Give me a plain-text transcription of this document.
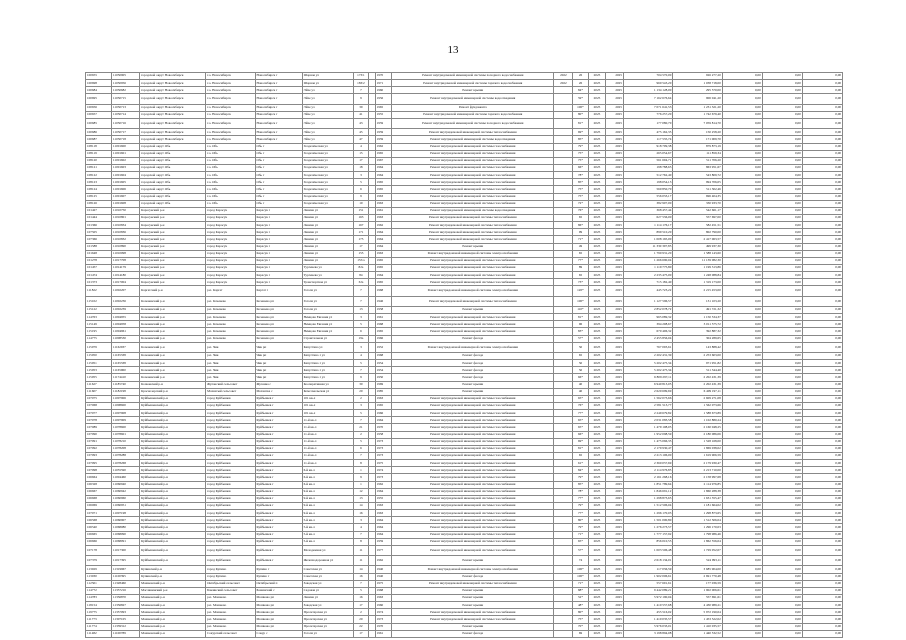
13
100655	11050905	городской округ Новосибирск	г.о. Новосибирск	Новосибирск г	Шорная ул	173/1		1970	Ремонт внутридомовой инженерной системы холодного водоснабжения	2022	26	2025	2025	704 570,00	926 277,20	0,00	0,00	0,00
100698	11050956	городской округ Новосибирск	г.о. Новосибирск	Новосибирск г	Шорная ул	183/2		1971	Ремонт внутридомовой инженерной системы горячего водоснабжения	2022	26	2025	2025	960 543,20	1 038 718,00	0,00	0,00	0,00
100684	11050682	городской округ Новосибирск	г.о. Новосибирск	Новосибирск г	Эйхе ул	7		1960	Ремонт крыши		84*	2025	2025	1 134 128,00	295 570,00	0,00	0,00	0,00
100695	11050715	городской округ Новосибирск	г.о. Новосибирск	Новосибирск г	Эйхе ул	9		1956	Ремонт внутридомовой инженерной системы водоотведения		59*	2025	2025	7 162 676,64	906 041,20	0,00	0,00	0,00
100656	11050713	городской округ Новосибирск	г.о. Новосибирск	Новосибирск г	Эйхе ул	39		1965	Ремонт фундамента		100*	2025	2025	7 071 641,53	1 231 321,20	0,00	0,00	0,00
100657	11050714	городской округ Новосибирск	г.о. Новосибирск	Новосибирск г	Эйхе ул	41		1955	Ремонт внутридомовой инженерной системы горячего водоснабжения		80*	2025	2025	776 257,20	1 742 679,40	0,00	0,00	0,00
100685	11050716	городской округ Новосибирск	г.о. Новосибирск	Новосибирск г	Эйхе ул	43		1959	Ремонт внутридомовой инженерной системы холодного водоснабжения		81*	2025	2025	177 080,70	7 059 814,70	0,00	0,00	0,00
100686	11050717	городской округ Новосибирск	г.о. Новосибирск	Новосибирск г	Эйхе ул	45		1959	Ремонт внутридомовой инженерной системы теплоснабжения		69*	2025	2025	475 162,35	150 258,20	0,00	0,00	0,00
100687	11050718	городской округ Новосибирск	г.о. Новосибирск	Новосибирск г	Эйхе ул	47		1959	Ремонт внутридомовой инженерной системы водоотведения		85*	2025	2025	117 535,74	171 009,70	0,00	0,00	0,00
108118	11001600	городской округ Обь	г.о. Обь	Обь г	Геодезическая ул	4		1962	Ремонт внутридомовой инженерной системы газоснабжения		79*	2025	2025	918 709,38	879 873,19	0,00	0,00	0,00
108119	11001601	городской округ Обь	г.о. Обь	Обь г	Геодезическая ул	15		1965	Ремонт внутридомовой инженерной системы газоснабжения		75*	2025	2025	265 054,67	111 859,34	0,00	0,00	0,00
108120	11001602	городской округ Обь	г.о. Обь	Обь г	Геодезическая ул	17		1967	Ремонт внутридомовой инженерной системы газоснабжения		75*	2025	2025	561 694,71	511 706,20	0,00	0,00	0,00
108121	11001603	городской округ Обь	г.о. Обь	Обь г	Геодезическая ул	18		1964	Ремонт внутридомовой инженерной системы газоснабжения		66*	2025	2025	198 788,65	863 951,67	0,00	0,00	0,00
108122	11001604	городской округ Обь	г.о. Обь	Обь г	Геодезическая ул	3		1964	Ремонт внутридомовой инженерной системы газоснабжения		78*	2025	2025	512 762,40	543 809,72	0,00	0,00	0,00
108123	11001605	городской округ Обь	г.о. Обь	Обь г	Геодезическая ул	5		1965	Ремонт внутридомовой инженерной системы газоснабжения		85*	2025	2025	198 054,13	994 706,05	0,00	0,00	0,00
108124	11001606	городской округ Обь	г.о. Обь	Обь г	Геодезическая ул	6		1965	Ремонт внутридомовой инженерной системы газоснабжения		75*	2025	2025	560 850,70	511 302,46	0,00	0,00	0,00
108125	11001607	городской округ Обь	г.о. Обь	Обь г	Геодезическая ул	9		1963	Ремонт внутридомовой инженерной системы газоснабжения		75*	2025	2025	556 033,17	696 404,35	0,00	0,00	0,00
108126	11001608	городской округ Обь	г.о. Обь	Обь г	Геодезическая ул	10		1963	Ремонт внутридомовой инженерной системы газоснабжения		72*	2025	2025	382 907,00	330 933,70	0,00	0,00	0,00
101427	11010750	Карасукский р-н	город Карасук	Карасук г	Ленина ул	151		1961	Ремонт внутридомовой инженерной системы водоотведения		76*	2025	2025	368 457,44	542 661,17	0,00	0,00	0,00
101444	11010801	Карасукский р-н	город Карасук	Карасук г	Ленина ул	163		1963	Ремонт внутридомовой инженерной системы теплоснабжения		65	2025	2025	627 536,00	557 697,00	0,00	0,00	0,00
101366	11010834	Карасукский р-н	город Карасук	Карасук г	Ленина ул	167		1962	Ремонт внутридомовой инженерной системы теплоснабжения		86*	2025	2025	1 114 176,17	582 451,51	0,00	0,00	0,00
107505	11010836	Карасукский р-н	город Карасук	Карасук г	Ленина ул	171		1964	Ремонт внутридомовой инженерной системы теплоснабжения		99	2025	2025	899 510,20	802 790,00	0,00	0,00	0,00
107366	11010832	Карасукский р-н	город Карасук	Карасук г	Ленина ул	175		1964	Ремонт внутридомовой инженерной системы теплоснабжения		71*	2025	2025	1 008 165,00	2 417 063,57	0,00	0,00	0,00
101588	11010890	Карасукский р-н	город Карасук	Карасук г	Ленина ул	17		1964	Ремонт крыши		49	2025	2025	11 330 397,85	499 937,30	0,00	0,00	0,00
101648	11010098	Карасукский р-н	город Карасук	Карасук г	Ленина ул	155		1963	Ремонт внутридомовой инженерной системы электроснабжения		65	2025	2025	1 790 931,20	1 588 143,60	0,00	0,00	0,00
101278	11017708	Карасукский р-н	город Карасук	Карасук г	Ленина ул	155/а		1965	Ремонт внутридомовой инженерной системы газоснабжения		77*	2025	2025	1 266 690,04	11 139 082,30	0,00	0,00	0,00
101457	11014179	Карасукский р-н	город Карасук	Карасук г	Тургенева ул	82а		1965	Ремонт внутридомовой инженерной системы газоснабжения		89	2025	2025	1 119 775,80	1 199 313,86	0,00	0,00	0,00
101474	11014180	Карасукский р-н	город Карасук	Карасук г	Тургенева ул	84		1964	Ремонт внутридомовой инженерной системы газоснабжения		65	2025	2025	2 235 475,00	1 248 088,84	0,00	0,00	0,00
101373	11017004	Карасукский р-н	город Карасук	Карасук г	Транспортная ул	32а		1965	Ремонт внутридомовой инженерной системы газоснабжения		73*	2025	2025	715 182,40	1 319 173,00	0,00	0,00	0,00
111822	11002207	Каргатский р-н	р.п. Каргат	Каргат г	Гоголя ул	7		1968	Ремонт внутридомовой инженерной системы электроснабжения		120*	2025	2025	445 723,22	2 215 453,00	0,00	0,00	0,00
115102	11002236	Коченевский р-н	р.п. Коченево	Коченево рп	Гоголя ул	7		1946	Ремонт внутридомовой инженерной системы теплоснабжения		100*	2025	2025	1 127 596,57	131 103,20	0,00	0,00	0,00
115122	11002239	Коченевский р-н	р.п. Коченево	Коченево рп	Гоголя ул	13		1958	Ремонт крыши		110*	2025	2025	2 852 078,72	491 721,32	0,00	0,00	0,00
114763	11004955	Коченевский р-н	р.п. Коченево	Коченево рп	Немцова Евгения ул	3		1961	Ремонт внутридомовой инженерной системы газоснабжения		81*	2025	2025	965 089,32	1 150 534,37	0,00	0,00	0,00
115149	11004958	Коченевский р-н	р.п. Коченево	Коченево рп	Немцова Евгения ул	5		1968	Ремонт внутридомовой инженерной системы газоснабжения		96	2025	2025	394 208,67	3 011 575,72	0,00	0,00	0,00
115195	11004961	Коченевский р-н	р.п. Коченево	Коченево рп	Немцова Евгения ул	6		1965	Ремонт внутридомовой инженерной системы газоснабжения		83*	2025	2025	670 406,32	392 887,32	0,00	0,00	0,00
114775	11008530	Коченевский р-н	р.п. Коченево	Коченево рп	Строительная ул	19а		1966	Ремонт фасада		57*	2025	2025	2 455 856,04	304 289,65	0,00	0,00	0,00
115079	11162937	Коченевский р-н	р.п. Чик	Чик рп	Капустина ул	3		1952	Ремонт внутридомовой инженерной системы электроснабжения		50	2025	2025	767 093,61	143 888,42	0,00	0,00	0,00
115050	11165338	Коченевский р-н	р.п. Чик	Чик рп	Капустина 1 ул	4		1968	Ремонт фасада		65	2025	2025	2 202 431,39	2 253 603,00	0,00	0,00	0,00
115051	11165338	Коченевский р-н	р.п. Чик	Чик рп	Капустина 1 ул	5		1954	Ремонт фасада		50	2025	2025	5 202 475,34	971 951,82	0,00	0,00	0,00
115053	11165960	Коченевский р-н	р.п. Чик	Чик рп	Капустина 1 ул	7		1954	Ремонт фасада		50	2025	2025	5 202 475,34	511 344,40	0,00	0,00	0,00
115055	11174410	Коченевский р-н	р.п. Чик	Чик рп	Капустина 1 ул	9		1950	Ремонт фасада		66*	2025	2025	6 809 297,11	2 202 431,39	0,00	0,00	0,00
111627	11185740	Кочковский р-н	Жуланский сельсовет	Жуланка с	Кооперативная ул	30		1969	Ремонт крыши		40	2025	2025	6 940 813,05	2 202 431,39	0,00	0,00	0,00
111607	11182198	Краснозерский р-н	Мохнатый сельсовет	Мохнатка с	Комсомольская ул	20		1985	Ремонт крыши		40	2025	2025	2 620 699,69	6 409 197,11	0,00	0,00	0,00
107075	11007906	Куйбышевский р-н	город Куйбышев	Куйбышев г	101 кв-л	2		1963	Ремонт внутридомовой инженерной системы газоснабжения		65*	2025	2025	1 562 073,66	2 609 271,08	0,00	0,00	0,00
107068	11008600	Куйбышевский р-н	город Куйбышев	Куйбышев г	101 кв-л	3		1965	Ремонт внутридомовой инженерной системы газоснабжения		76*	2025	2025	2 581 513,77	1 562 073,66	0,00	0,00	0,00
107077	11007908	Куйбышевский р-н	город Куйбышев	Куйбышев г	101 кв-л	5		1966	Ремонт внутридомовой инженерной системы газоснабжения		77*	2025	2025	2 249 679,82	1 588 673,89	0,00	0,00	0,00
107078	11007909	Куйбышевский р-н	город Куйбышев	Куйбышев г	11-й кв-л	7		1964	Ремонт внутридомовой инженерной системы газоснабжения		65*	2025	2025	2 031 083,58	1 102 880,24	0,00	0,00	0,00
107089	11078600	Куйбышевский р-н	город Куйбышев	Куйбышев г	11-й кв-л	21		1970	Ремонт внутридомовой инженерной системы газоснабжения		65*	2025	2025	1 479 108,05	2 160 048,25	0,00	0,00	0,00
107090	11078601	Куйбышевский р-н	город Куйбышев	Куйбышев г	11-й кв-л	2		1958	Ремонт внутридомовой инженерной системы газоснабжения		66*	2025	2025	1 952 098,59	2 180 086,06	0,00	0,00	0,00
107091	11078210	Куйбышевский р-н	город Куйбышев	Куйбышев г	11-й кв-л	5		1973	Ремонт внутридомовой инженерной системы газоснабжения		69*	2025	2025	1 475 066,35	1 528 168,00	0,00	0,00	0,00
107092	11078208	Куйбышевский р-н	город Куйбышев	Куйбышев г	11-й кв-л	6		1973	Ремонт внутридомовой инженерной системы газоснабжения		81*	2025	2025	2 179 930,47	1 869 038,02	0,00	0,00	0,00
107093	11078288	Куйбышевский р-н	город Куйбышев	Куйбышев г	11-й кв-л	7		1973	Ремонт внутридомовой инженерной системы газоснабжения		65	2025	2025	2 213 106,00	1 619 906,59	0,00	0,00	0,00
107095	11078268	Куйбышевский р-н	город Куйбышев	Куйбышев г	11-й кв-л	8		1975	Ремонт внутридомовой инженерной системы газоснабжения		61*	2025	2025	2 360 057,69	2 179 930,47	0,00	0,00	0,00
107098	11055590	Куйбышевский р-н	город Куйбышев	Куйбышев г	6-й кв-л	1		1974	Ремонт внутридомовой инженерной системы газоснабжения		84*	2025	2025	2 114 976,85	2 213 710,00	0,00	0,00	0,00
106664	11004460	Куйбышевский р-н	город Куйбышев	Куйбышев г	6-й кв-л	9		1973	Ремонт внутридомовой инженерной системы газоснабжения		79*	2025	2025	2 161 268,16	2 158 997,68	0,00	0,00	0,00
106328	11060940	Куйбышевский р-н	город Куйбышев	Куйбышев г	6-й кв-л	1		1962	Ремонт внутридомовой инженерной системы газоснабжения		85*	2025	2025	1 851 789,64	2 114 976,85	0,00	0,00	0,00
106667	11060942	Куйбышевский р-н	город Куйбышев	Куйбышев г	9-й кв-л	12		1964	Ремонт внутридомовой инженерной системы газоснабжения		78*	2025	2025	1 846 691,12	1 860 288,38	0,00	0,00	0,00
106668	11060960	Куйбышевский р-н	город Куйбышев	Куйбышев г	9-й кв-л	13		1955	Ремонт внутридомовой инженерной системы газоснабжения		77*	2025	2025	1 298 873,65	1 631 355,47	0,00	0,00	0,00
106069	11060951	Куйбышевский р-н	город Куйбышев	Куйбышев г	9-й кв-л	14		1963	Ремонт внутридомовой инженерной системы газоснабжения		79*	2025	2025	1 512 506,04	1 181 664,02	0,00	0,00	0,00
107071	11007198	Куйбышевский р-н	город Куйбышев	Куйбышев г	9-й кв-л	16		1963	Ремонт внутридомовой инженерной системы газоснабжения		77*	2025	2025	1 296 170,03	1 298 873,65	0,00	0,00	0,00
106568	11060907	Куйбышевский р-н	город Куйбышев	Куйбышев г	5-й кв-л	3		1964	Ремонт внутридомовой инженерной системы газоснабжения		80*	2025	2025	1 501 000,80	1 512 506,04	0,00	0,00	0,00
106540	11068080	Куйбышевский р-н	город Куйбышев	Куйбышев г	5-й кв-л	4		1964	Ремонт внутридомовой инженерной системы газоснабжения		79*	2025	2025	1 276 273,57	1 296 170,03	0,00	0,00	0,00
106665	11068090	Куйбышевский р-н	город Куйбышев	Куйбышев г	5-й кв-л	7		1964	Ремонт внутридомовой инженерной системы газоснабжения		71*	2025	2025	1 777 157,92	1 798 986,46	0,00	0,00	0,00
106666	11068091	Куйбышевский р-н	город Куйбышев	Куйбышев г	5-й кв-л	8		1959	Ремонт внутридомовой инженерной системы газоснабжения		65*	2025	2025	856 010,55	1 862 556,04	0,00	0,00	0,00
107178	11017300	Куйбышевский р-н	город Куйбышев	Куйбышев г	Молодежная ул	11		1977	Ремонт внутридомовой инженерной системы газоснабжения		57*	2025	2025	1 003 506,48	1 729 052,07	0,00	0,00	0,00
107379	11017395	Куйбышевский р-н	город Куйбышев	Куйбышев г	Железнодорожная ул	11		1962	Ремонт крыши		74	2025	2025	2 618 134,01	524 993,11	0,00	0,00	0,00
113029	11319967	Купинский р-н	город Купино	Купино г	Советская ул	14		1940	Ремонт внутридомовой инженерной системы электроснабжения		100*	2025	2025	117 036,59	3 685 904,00	0,00	0,00	0,00
113030	11100395	Купинский р-н	город Купино	Купино г	Советская ул	16		1940	Ремонт фасада		100*	2025	2025	1 902 006,61	2 691 770,48	0,00	0,00	0,00
112501	11328460	Мошковский р-н	Октябрьский сельсовет	Октябрьский п	Заводская ул	7		1975	Ремонт внутридомовой инженерной системы теплоснабжения		71*	2025	2025	557 691,61	177 036,59	0,00	0,00	0,00
114772	11357216	Маслянинский р-н	Бажинский сельсовет	Бажинский с	Садовая ул	5		1968	Ремонт крыши		88*	2025	2025	9 442 089,21	1 902 006,61	0,00	0,00	0,00
114783	11356870	Мошковский р-н	р.п. Мошково	Мошково рп	Ленина ул	16		1963	Ремонт крыши		52*	2025	2025	5 972 190,04	557 691,61	0,00	0,00	0,00
118154	11356827	Мошковский р-н	р.п. Мошково	Мошково рп	Заводская ул	17		1960	Ремонт крыши		48*	2025	2025	1 410 557,68	4 430 989,21	0,00	0,00	0,00
119775	11357093	Мошковский р-н	р.п. Мошково	Мошково рп	Пролетарская ул	2		1974	Ремонт внутридомовой инженерной системы газоснабжения		80*	2025	2025	455 516,02	5 972 190,04	0,00	0,00	0,00
111773	11307105	Мошковский р-н	р.п. Мошково	Мошково рп	Пролетарская ул	20		1973	Ремонт внутридомовой инженерной системы газоснабжения		75*	2025	2025	1 410 035,57	1 453 522,02	0,00	0,00	0,00
111774	11339312	Мошковский р-н	р.п. Мошково	Мошково рп	Пролетарская ул	22		1970	Ремонт крыши		70*	2025	2025	5 976 033,01	1 410 035,57	0,00	0,00	0,00
111482	11100789	Мошковский р-н	Сокурский сельсовет	Сокур с	Гоголя ул	17		1961	Ремонт фасада		69	2025	2025	3 198 894,08	1 440 532,52	0,00	0,00	0,00
